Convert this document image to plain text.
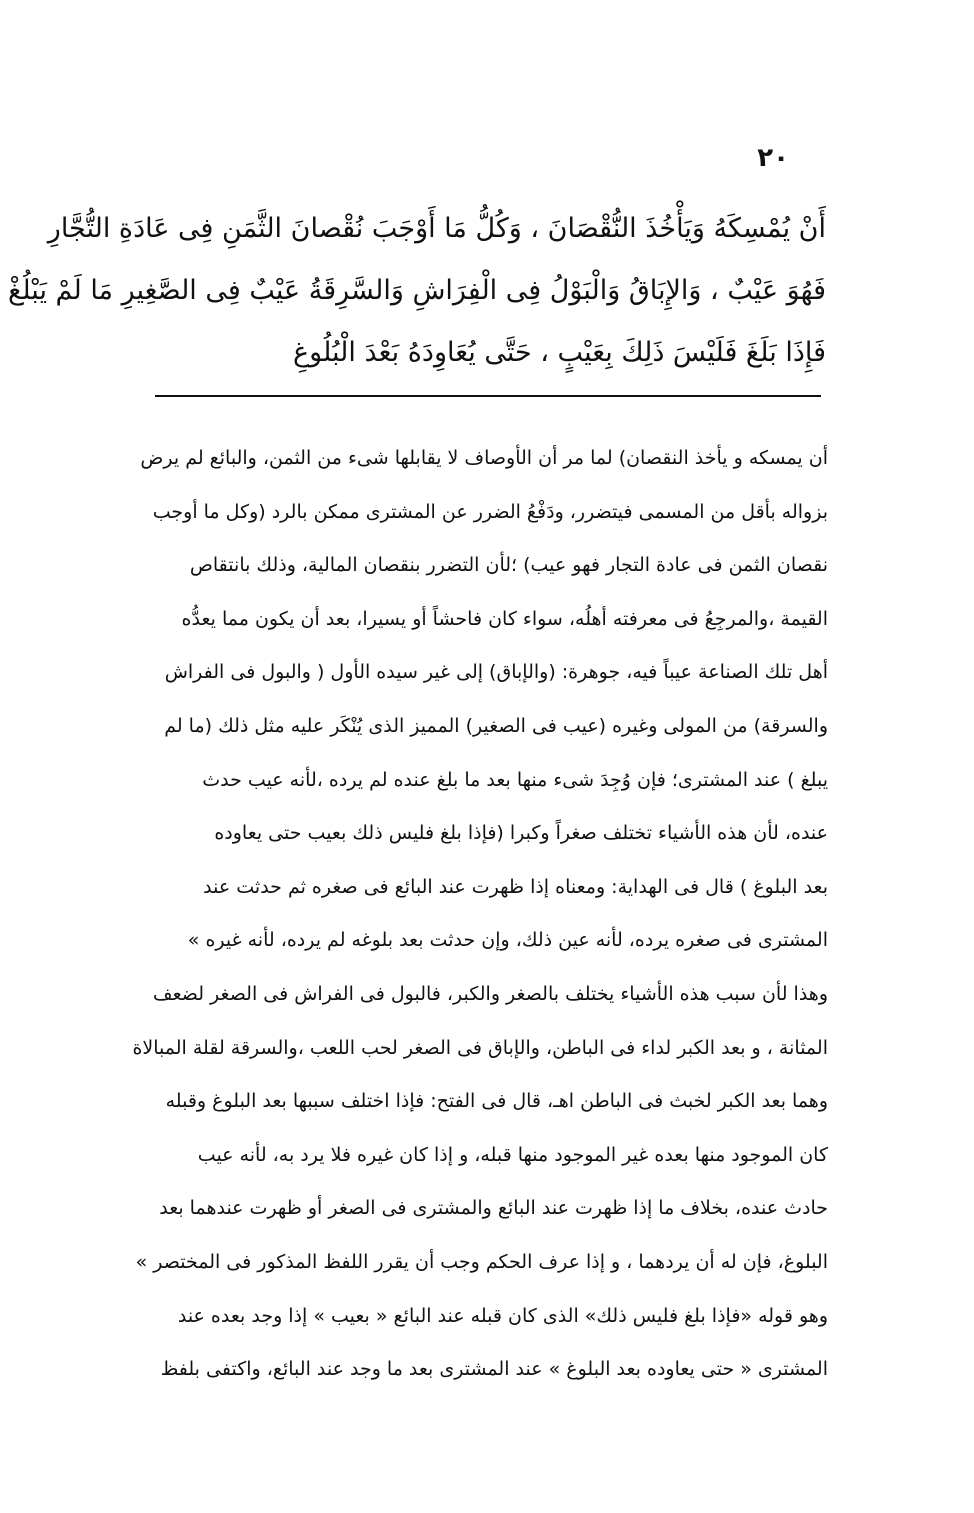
٢٠
أَنْ يُمْسِكَهُ وَيَأْخُذَ النُّقْصَانَ ، وَكُلُّ مَا أَوْجَبَ نُقْصانَ الثَّمَنِ فِى عَادَةِ التُّجَّارِ
فَهُوَ عَيْبٌ ، وَالإِبَاقُ وَالْبَوْلُ فِى الْفِرَاشِ وَالسَّرِقَةُ عَيْبٌ فِى الصَّغِيرِ مَا لَمْ يَبْلُغْ
فَإِذَا بَلَغَ فَلَيْسَ ذَلِكَ بِعَيْبٍ ، حَتَّى يُعَاوِدَهُ بَعْدَ الْبُلُوغِ
أن يمسكه و يأخذ النقصان) لما مر أن الأوصاف لا يقابلها شىء من الثمن، والبائع لم يرض
بزواله بأقل من المسمى فيتضرر، ودَفْعُ الضرر عن المشترى ممكن بالرد (وكل ما أوجب
نقصان الثمن فى عادة التجار فهو عيب) ؛لأن التضرر بنقصان المالية، وذلك بانتقاص
القيمة ،والمرجِعُ فى معرفته أهلُه، سواء كان فاحشاً أو يسيرا، بعد أن يكون مما يعدُّه
أهل تلك الصناعة عيباً فيه، جوهرة: (والإباق) إلى غير سيده الأول ( والبول فى الفراش
والسرقة) من المولى وغيره (عيب فى الصغير) المميز الذى يُنْكَر عليه مثل ذلك (ما لم
يبلغ ) عند المشترى؛ فإن وُجِدَ شىء منها بعد ما بلغ عنده لم يرده ،لأنه عيب حدث
عنده، لأن هذه الأشياء تختلف صغراً وكبرا (فإذا بلغ فليس ذلك بعيب حتى يعاوده
بعد البلوغ ) قال فى الهداية: ومعناه إذا ظهرت عند البائع فى صغره ثم حدثت عند
المشترى فى صغره يرده، لأنه عين ذلك، وإن حدثت بعد بلوغه لم يرده، لأنه غيره »
وهذا لأن سبب هذه الأشياء يختلف بالصغر والكبر، فالبول فى الفراش فى الصغر لضعف
المثانة ، و بعد الكبر لداء فى الباطن، والإباق فى الصغر لحب اللعب ،والسرقة لقلة المبالاة
وهما بعد الكبر لخبث فى الباطن اهـ، قال فى الفتح: فإذا اختلف سببها بعد البلوغ وقبله
كان الموجود منها بعده غير الموجود منها قبله، و إذا كان غيره فلا يرد به، لأنه عيب
حادث عنده، بخلاف ما إذا ظهرت عند البائع والمشترى فى الصغر أو ظهرت عندهما بعد
البلوغ، فإن له أن يردهما ، و إذا عرف الحكم وجب أن يقرر اللفظ المذكور فى المختصر »
وهو قوله «فإذا بلغ فليس ذلك» الذى كان قبله عند البائع « بعيب » إذا وجد بعده عند
المشترى « حتى يعاوده بعد البلوغ » عند المشترى بعد ما وجد عند البائع، واكتفى بلفظ
